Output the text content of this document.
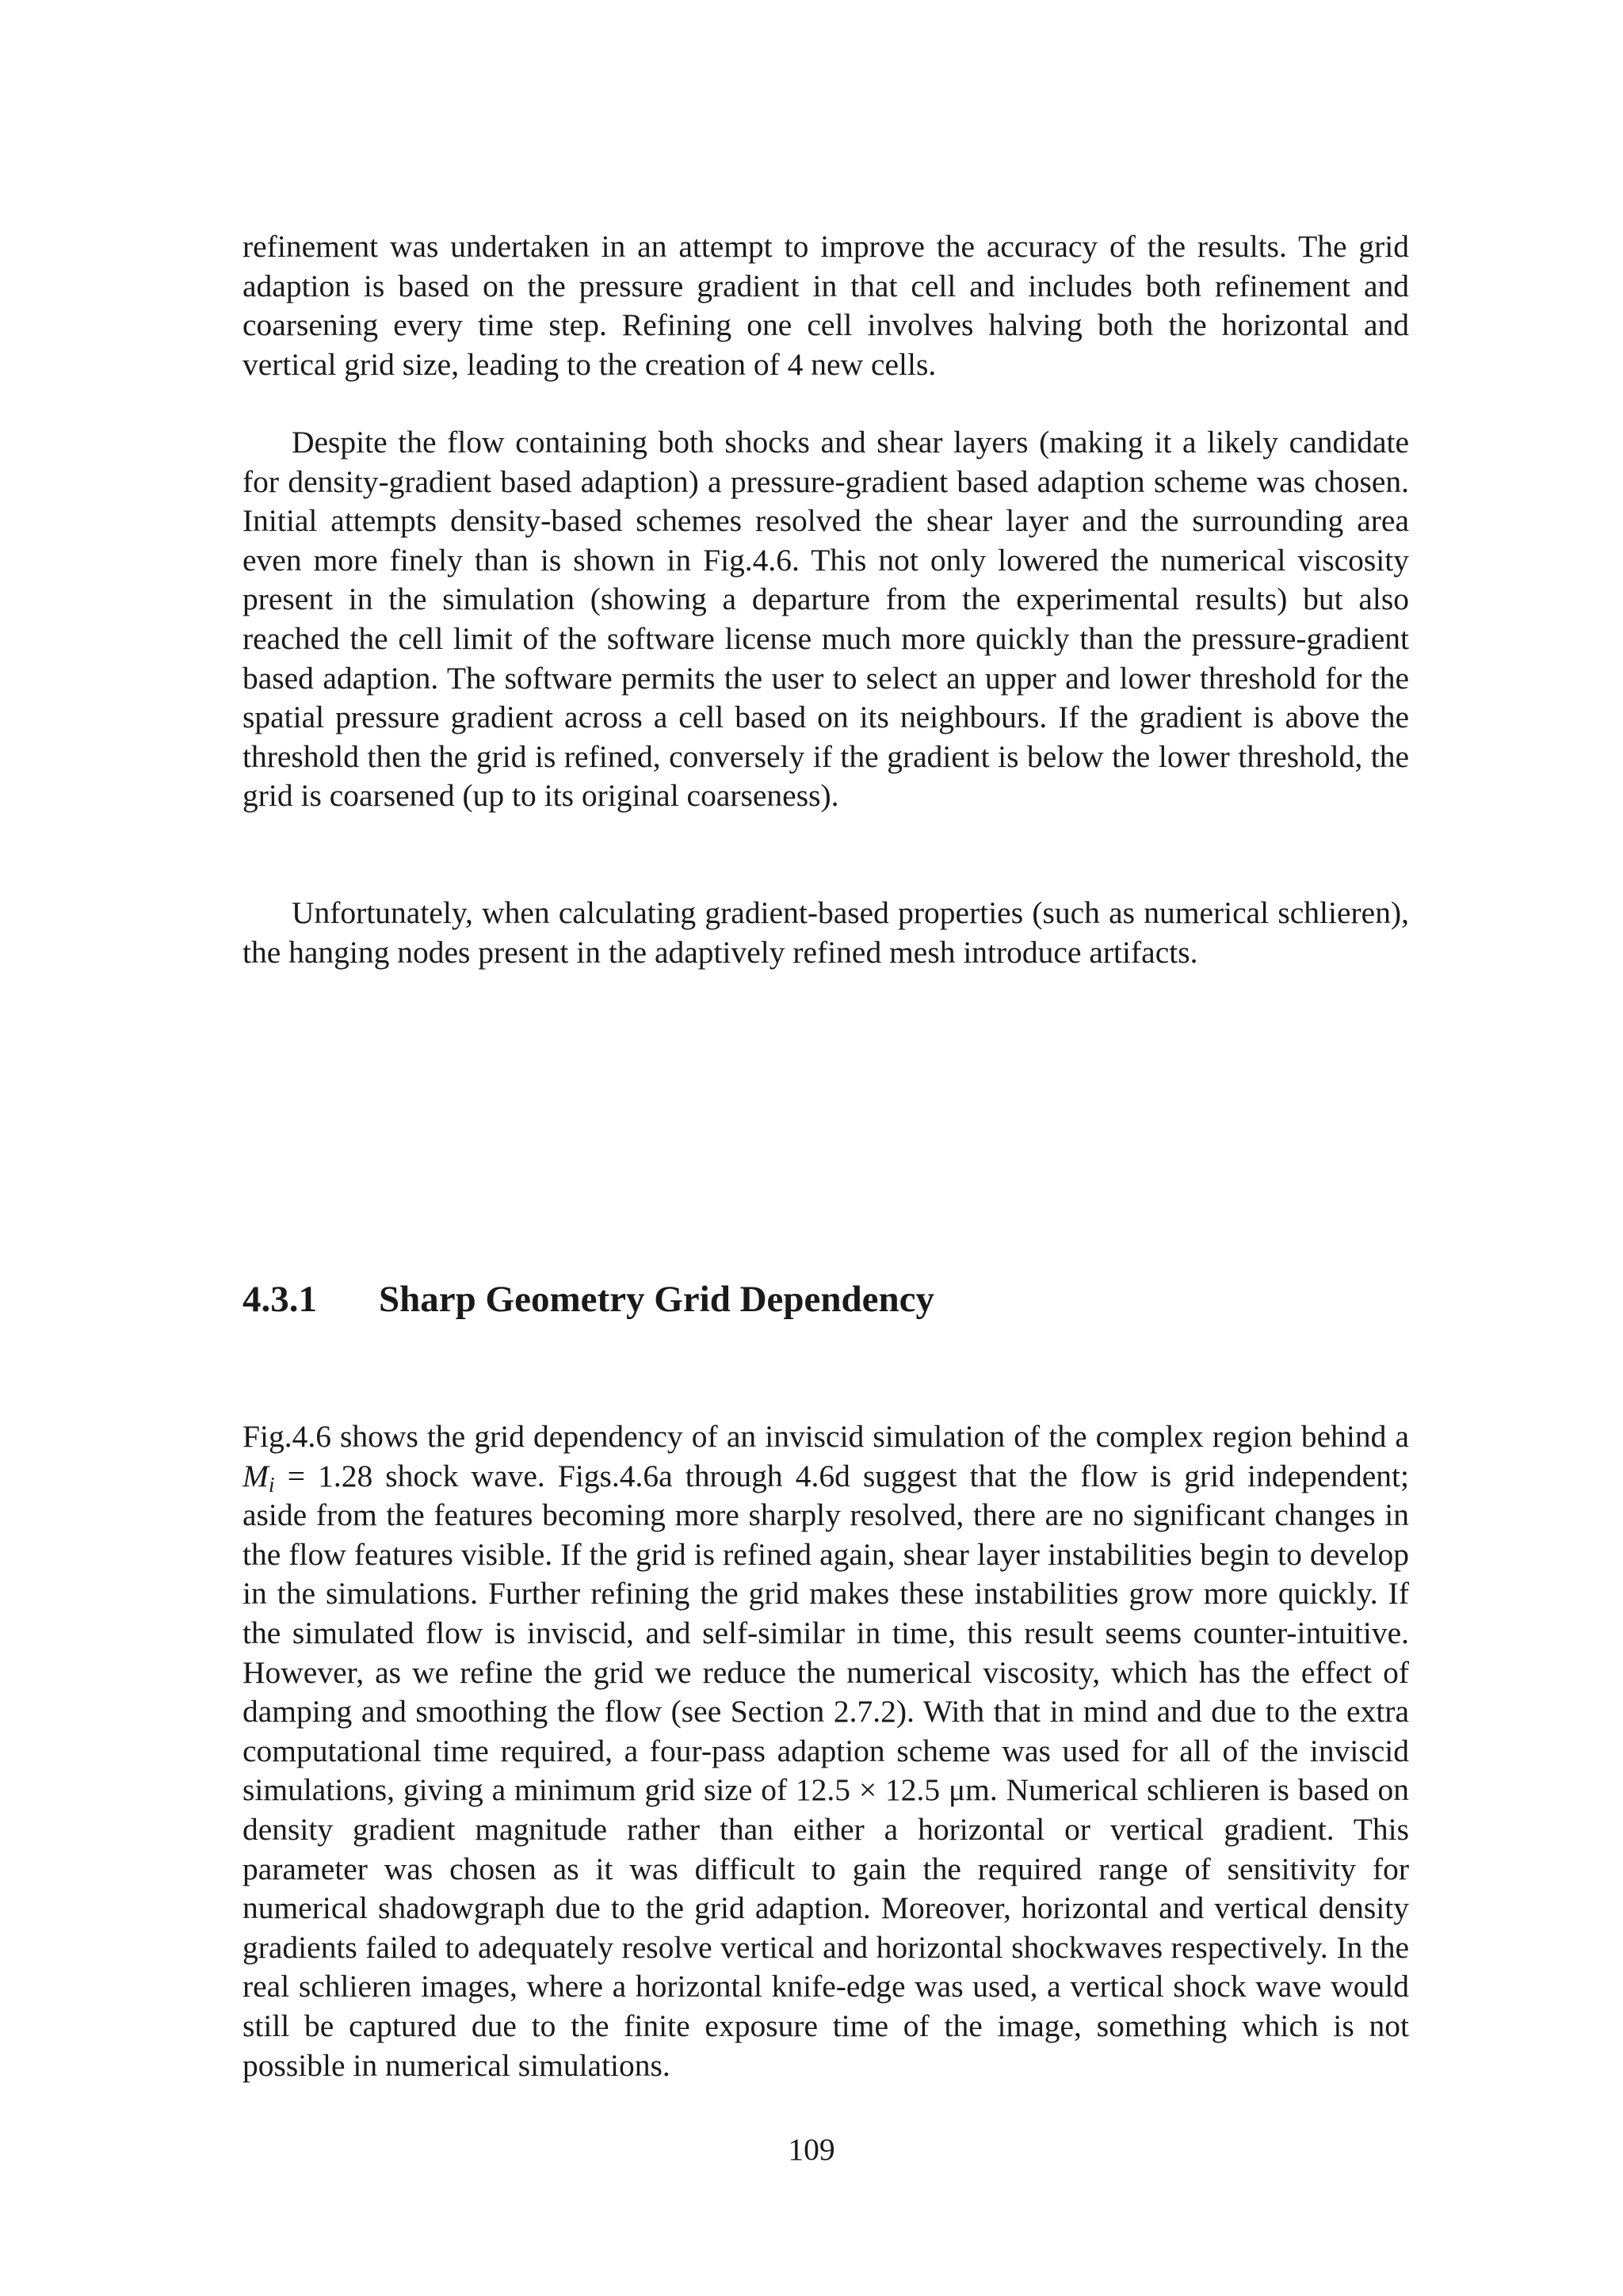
refinement was undertaken in an attempt to improve the accuracy of the results. The grid adaption is based on the pressure gradient in that cell and includes both refinement and coarsening every time step. Refining one cell involves halving both the horizontal and vertical grid size, leading to the creation of 4 new cells.

Despite the flow containing both shocks and shear layers (making it a likely candidate for density-gradient based adaption) a pressure-gradient based adaption scheme was chosen. Initial attempts density-based schemes resolved the shear layer and the surrounding area even more finely than is shown in Fig.4.6. This not only lowered the numerical viscosity present in the simulation (showing a departure from the experimental results) but also reached the cell limit of the software license much more quickly than the pressure-gradient based adaption. The software permits the user to select an upper and lower threshold for the spatial pressure gradient across a cell based on its neighbours. If the gradient is above the threshold then the grid is refined, conversely if the gradient is below the lower threshold, the grid is coarsened (up to its original coarseness).

Unfortunately, when calculating gradient-based properties (such as numerical schlieren), the hanging nodes present in the adaptively refined mesh introduce artifacts.

4.3.1 Sharp Geometry Grid Dependency

Fig.4.6 shows the grid dependency of an inviscid simulation of the complex region behind a $M_i = 1.28$ shock wave. Figs.4.6a through 4.6d suggest that the flow is grid independent; aside from the features becoming more sharply resolved, there are no significant changes in the flow features visible. If the grid is refined again, shear layer instabilities begin to develop in the simulations. Further refining the grid makes these instabilities grow more quickly. If the simulated flow is inviscid, and self-similar in time, this result seems counter-intuitive. However, as we refine the grid we reduce the numerical viscosity, which has the effect of damping and smoothing the flow (see Section 2.7.2). With that in mind and due to the extra computational time required, a four-pass adaption scheme was used for all of the inviscid simulations, giving a minimum grid size of 12.5 × 12.5 μm. Numerical schlieren is based on density gradient magnitude rather than either a horizontal or vertical gradient. This parameter was chosen as it was difficult to gain the required range of sensitivity for numerical shadowgraph due to the grid adaption. Moreover, horizontal and vertical density gradients failed to adequately resolve vertical and horizontal shockwaves respectively. In the real schlieren images, where a horizontal knife-edge was used, a vertical shock wave would still be captured due to the finite exposure time of the image, something which is not possible in numerical simulations.

109
